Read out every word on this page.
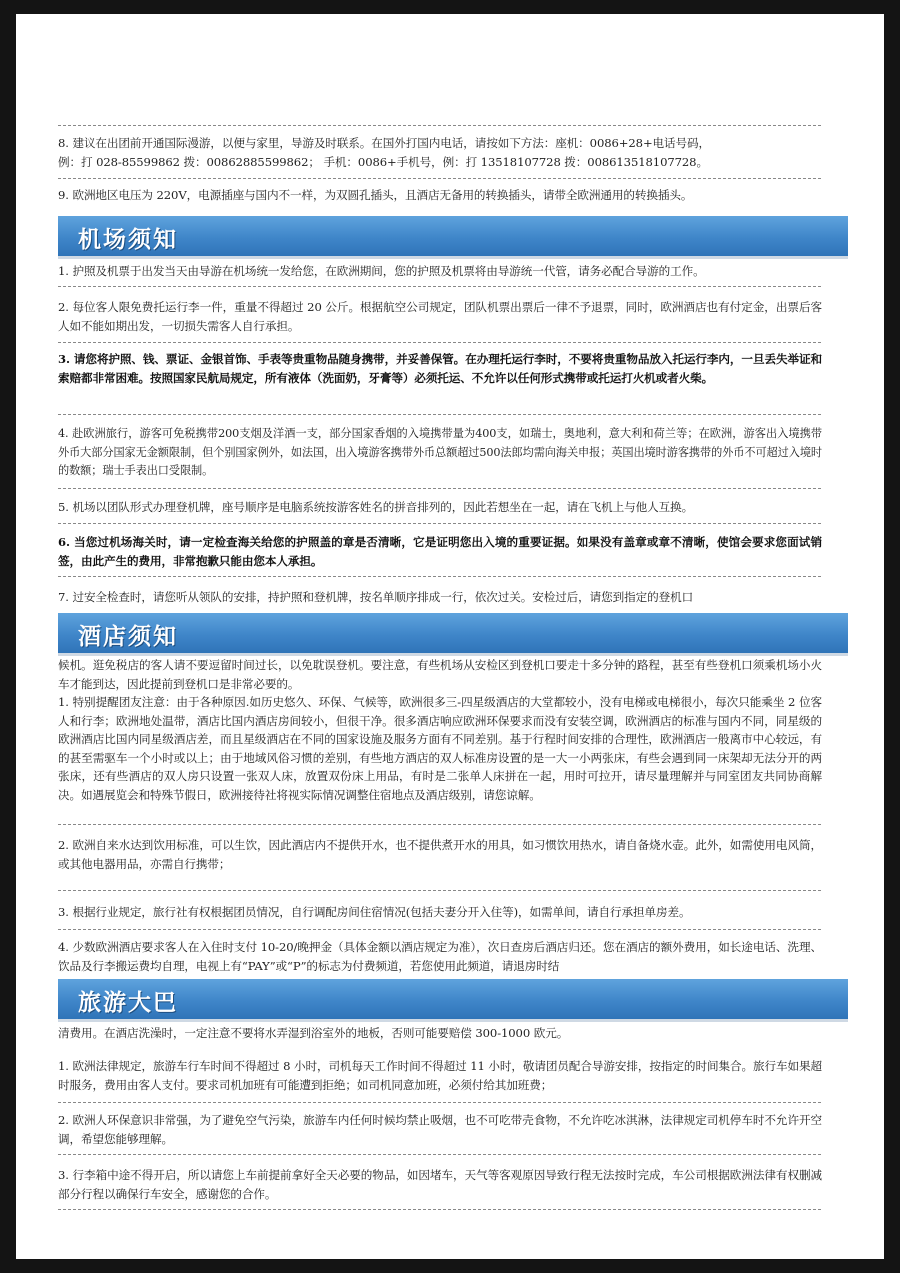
8. 建议在出团前开通国际漫游，以便与家里，导游及时联系。在国外打国内电话，请按如下方法：座机：0086+28+电话号码，
例：打 028-85599862 拨：00862885599862； 手机：0086+手机号，例：打 13518107728 拨：008613518107728。
9. 欧洲地区电压为 220V，电源插座与国内不一样，为双圆孔插头，且酒店无备用的转换插头，请带全欧洲通用的转换插头。
机场须知
1. 护照及机票于出发当天由导游在机场统一发给您，在欧洲期间，您的护照及机票将由导游统一代管，请务必配合导游的工作。
2. 每位客人限免费托运行李一件，重量不得超过 20 公斤。根据航空公司规定，团队机票出票后一律不予退票，同时，欧洲酒店也有付定金，出票后客人如不能如期出发，一切损失需客人自行承担。
3. 请您将护照、钱、票证、金银首饰、手表等贵重物品随身携带，并妥善保管。在办理托运行李时，不要将贵重物品放入托运行李内，一旦丢失举证和索赔都非常困难。按照国家民航局规定，所有液体（洗面奶，牙膏等）必须托运、不允许以任何形式携带或托运打火机或者火柴。
4. 赴欧洲旅行，游客可免税携带200支烟及洋酒一支，部分国家香烟的入境携带量为400支，如瑞士，奥地利，意大利和荷兰等；在欧洲，游客出入境携带外币大部分国家无金额限制，但个别国家例外，如法国，出入境游客携带外币总额超过500法郎均需向海关申报；英国出境时游客携带的外币不可超过入境时的数额；瑞士手表出口受限制。
5. 机场以团队形式办理登机牌，座号顺序是电脑系统按游客姓名的拼音排列的，因此若想坐在一起，请在飞机上与他人互换。
6. 当您过机场海关时，请一定检查海关给您的护照盖的章是否清晰，它是证明您出入境的重要证据。如果没有盖章或章不清晰，使馆会要求您面试销签，由此产生的费用，非常抱歉只能由您本人承担。
7. 过安全检查时，请您听从领队的安排，持护照和登机牌，按名单顺序排成一行，依次过关。安检过后，请您到指定的登机口
酒店须知
候机。逛免税店的客人请不要逗留时间过长，以免耽误登机。要注意，有些机场从安检区到登机口要走十多分钟的路程，甚至有些登机口须乘机场小火车才能到达，因此提前到登机口是非常必要的。
1. 特别提醒团友注意：由于各种原因.如历史悠久、环保、气候等，欧洲很多三-四星级酒店的大堂都较小，没有电梯或电梯很小，每次只能乘坐 2 位客人和行李；欧洲地处温带，酒店比国内酒店房间较小，但很干净。很多酒店响应欧洲环保要求而没有安装空调，欧洲酒店的标准与国内不同，同星级的欧洲酒店比国内同星级酒店差，而且星级酒店在不同的国家设施及服务方面有不同差别。基于行程时间安排的合理性，欧洲酒店一般离市中心较远，有的甚至需驱车一个小时或以上；由于地域风俗习惯的差别，有些地方酒店的双人标准房设置的是一大一小两张床，有些会遇到同一床架却无法分开的两张床，还有些酒店的双人房只设置一张双人床，放置双份床上用品，有时是二张单人床拼在一起，用时可拉开，请尽量理解并与同室团友共同协商解决。如遇展览会和特殊节假日，欧洲接待社将视实际情况调整住宿地点及酒店级别，请您谅解。
2. 欧洲自来水达到饮用标准，可以生饮，因此酒店内不提供开水，也不提供煮开水的用具，如习惯饮用热水，请自备烧水壶。此外，如需使用电风筒，或其他电器用品，亦需自行携带；
3. 根据行业规定，旅行社有权根据团员情况，自行调配房间住宿情况(包括夫妻分开入住等)，如需单间，请自行承担单房差。
4. 少数欧洲酒店要求客人在入住时支付 10-20/晚押金（具体金额以酒店规定为准），次日查房后酒店归还。您在酒店的额外费用，如长途电话、洗理、饮品及行李搬运费均自理，电视上有“PAY”或“P”的标志为付费频道，若您使用此频道，请退房时结
旅游大巴
清费用。在酒店洗澡时，一定注意不要将水弄湿到浴室外的地板，否则可能要赔偿 300-1000 欧元。
1. 欧洲法律规定，旅游车行车时间不得超过 8 小时，司机每天工作时间不得超过 11 小时，敬请团员配合导游安排，按指定的时间集合。旅行车如果超时服务，费用由客人支付。要求司机加班有可能遭到拒绝；如司机同意加班，必须付给其加班费；
2. 欧洲人环保意识非常强，为了避免空气污染，旅游车内任何时候均禁止吸烟，也不可吃带壳食物，不允许吃冰淇淋，法律规定司机停车时不允许开空调，希望您能够理解。
3. 行李箱中途不得开启，所以请您上车前提前拿好全天必要的物品，如因堵车，天气等客观原因导致行程无法按时完成，车公司根据欧洲法律有权删减部分行程以确保行车安全，感谢您的合作。
